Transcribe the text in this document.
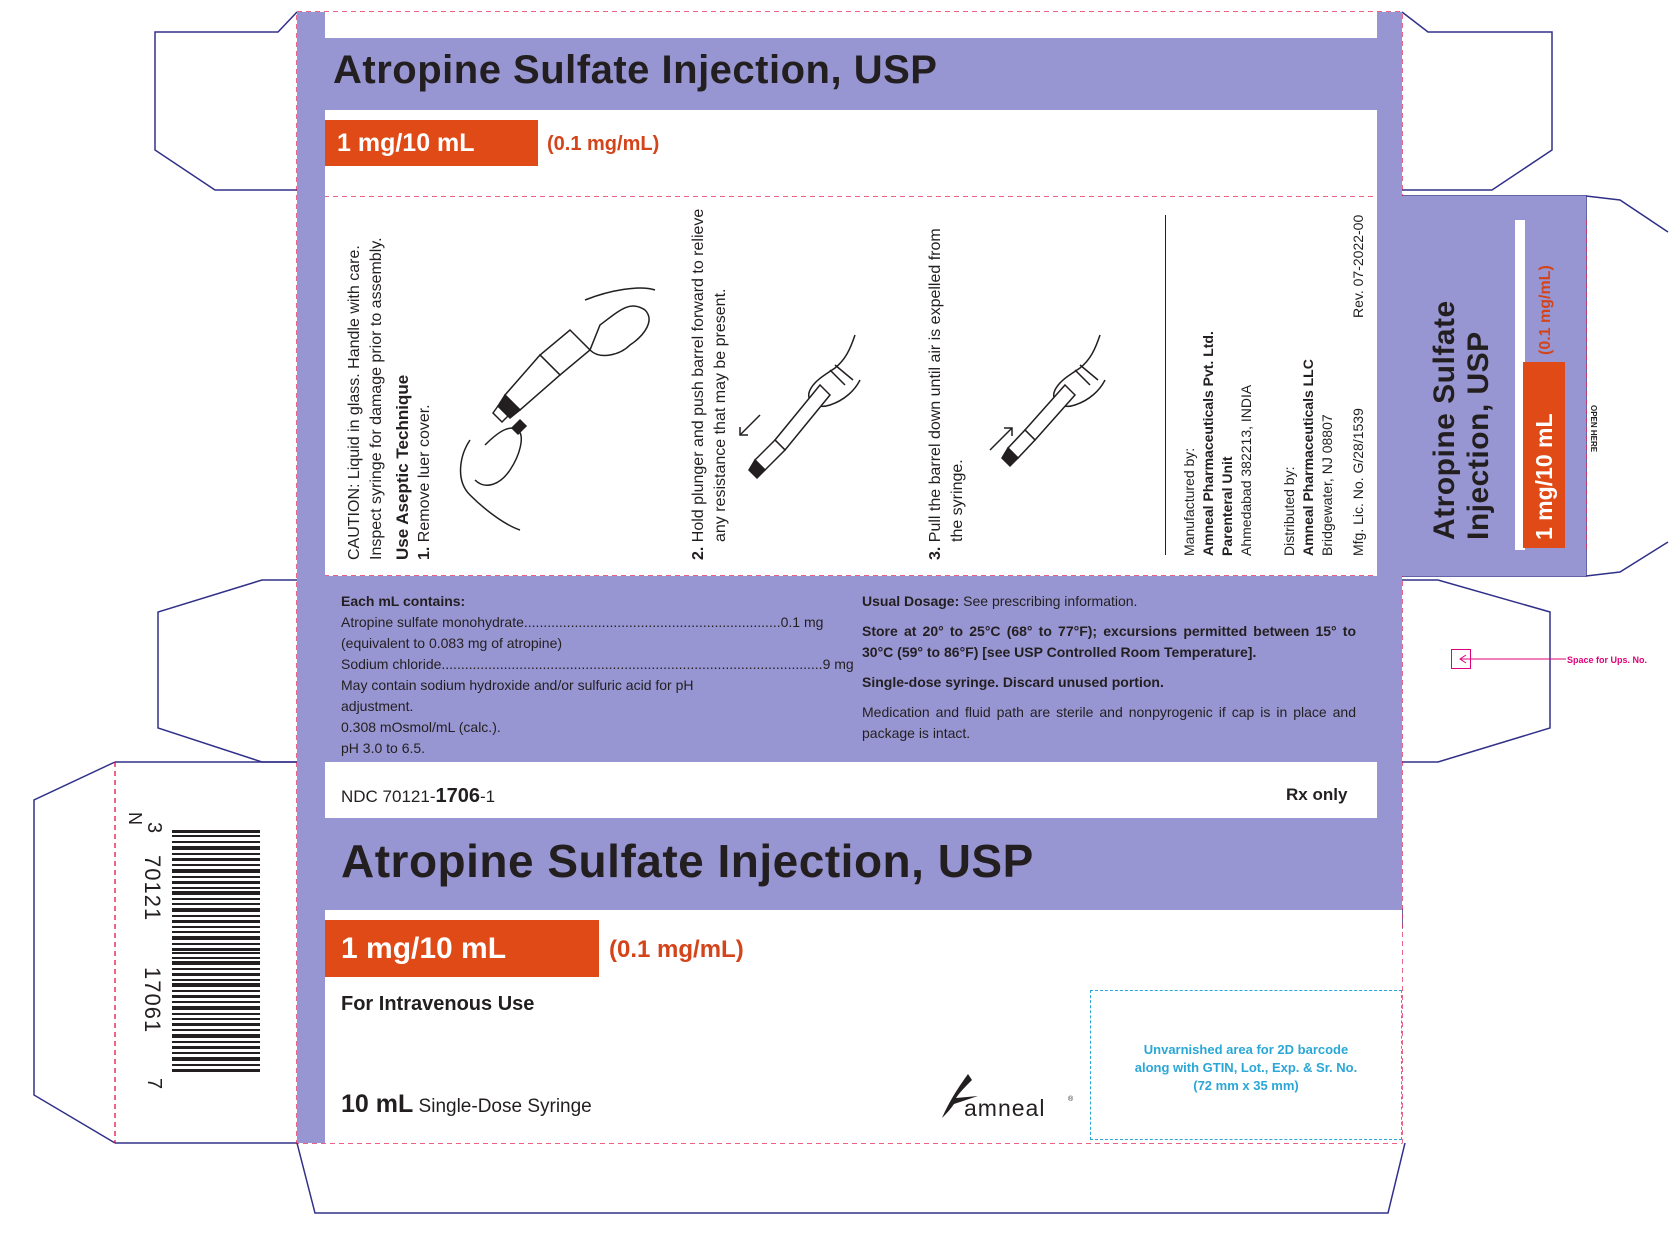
Atropine Sulfate Injection, USP
1 mg/10 mL	(0.1 mg/mL)
CAUTION: Liquid in glass. Handle with care. Inspect syringe for damage prior to assembly. Use Aseptic Technique 1. Remove luer cover.
2. Hold plunger and push barrel forward to relieve any resistance that may be present.
3. Pull the barrel down until air is expelled from the syringe.	Manufactured by: Amneal Pharmaceuticals Pvt. Ltd. Parenteral Unit Ahmedabad 382213, INDIA Distributed by: Amneal Pharmaceuticals LLC Bridgewater, NJ 08807 Mfg. Lic. No. G/28/1539
Rev. 07-2022-00
Atropine Sulfate Injection, USP 1 mg/10 mL
(0.1 mg/mL)
OPEN HERE
Space for Ups. No.
Each mL contains:
Atropine sulfate monohydrate .................................................................. 0.1 mg
(equivalent to 0.083 mg of atropine)
Sodium chloride .................................................................................................. 9 mg
May contain sodium hydroxide and/or sulfuric acid for pH adjustment.
0.308 mOsmol/mL (calc.).
pH 3.0 to 6.5.
Usual Dosage: See prescribing information.
Store at 20° to 25°C (68° to 77°F); excursions permitted between 15° to 30°C (59° to 86°F) [see USP Controlled Room Temperature].
Single-dose syringe. Discard unused portion.
Medication and fluid path are sterile and nonpyrogenic if cap is in place and package is intact.
NDC 70121-1706-1	Rx only
Atropine Sulfate Injection, USP
1 mg/10 mL	(0.1 mg/mL)
For Intravenous Use
10 mL Single-Dose Syringe	amneal	®
Unvarnished area for 2D barcode
along with GTIN, Lot., Exp. & Sr. No.
(72 mm x 35 mm)
N
3
70121
17061
7
